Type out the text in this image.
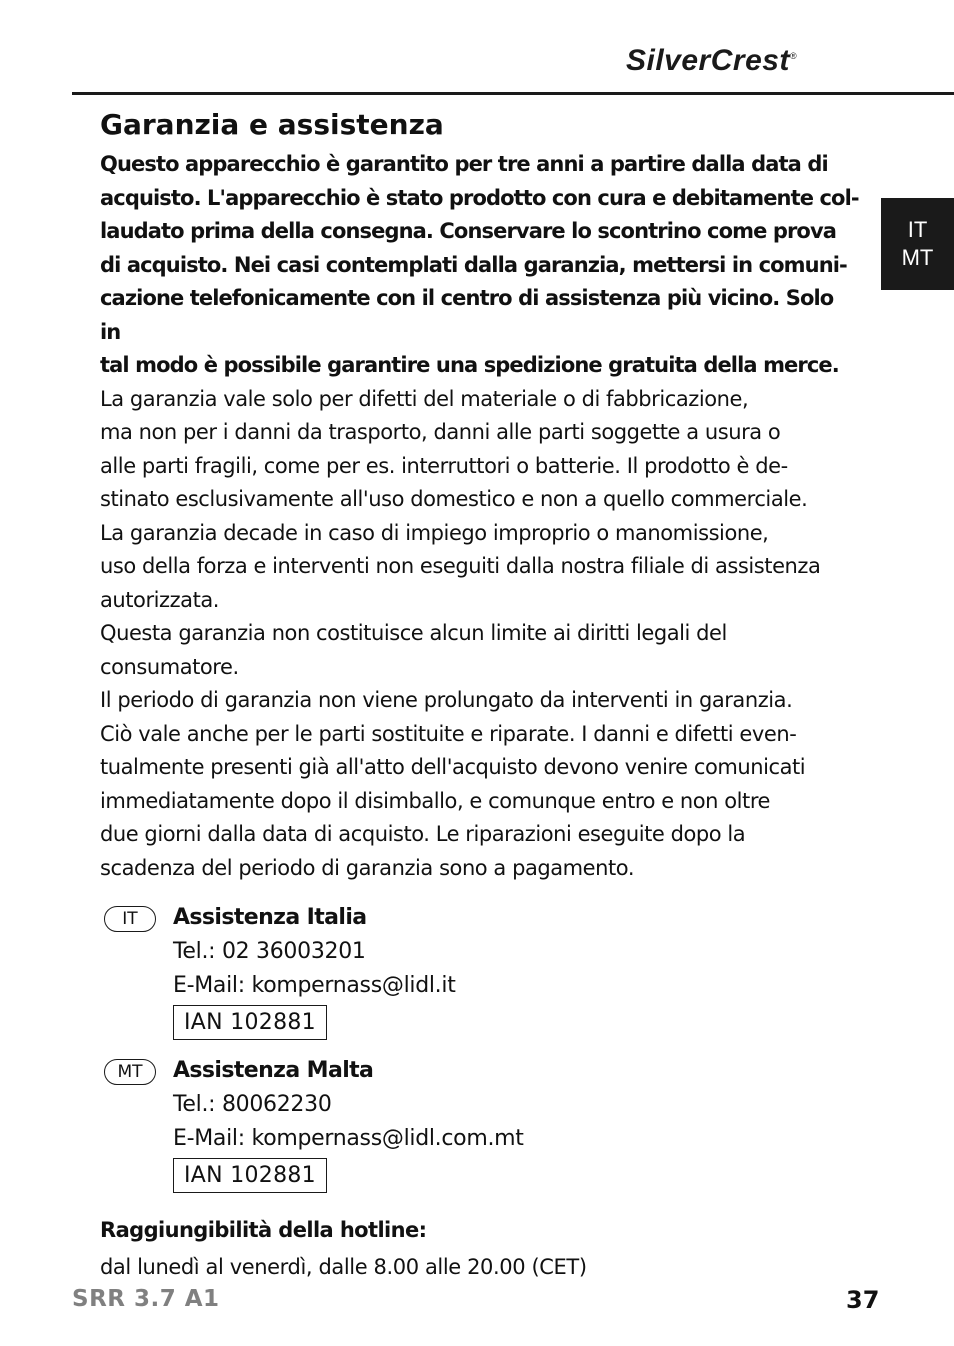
SilverCrest®
IT
MT
Garanzia e assistenza

Questo apparecchio è garantito per tre anni a partire dalla data di
acquisto. L'apparecchio è stato prodotto con cura e debitamente col-
laudato prima della consegna. Conservare lo scontrino come prova
di acquisto. Nei casi contemplati dalla garanzia, mettersi in comuni-
cazione telefonicamente con il centro di assistenza più vicino. Solo in
tal modo è possibile garantire una spedizione gratuita della merce.

La garanzia vale solo per difetti del materiale o di fabbricazione,
ma non per i danni da trasporto, danni alle parti soggette a usura o
alle parti fragili, come per es. interruttori o batterie. Il prodotto è de-
stinato esclusivamente all'uso domestico e non a quello commerciale.

La garanzia decade in caso di impiego improprio o manomissione,
uso della forza e interventi non eseguiti dalla nostra filiale di assistenza
autorizzata.

Questa garanzia non costituisce alcun limite ai diritti legali del
consumatore.

Il periodo di garanzia non viene prolungato da interventi in garanzia.
Ciò vale anche per le parti sostituite e riparate. I danni e difetti even-
tualmente presenti già all'atto dell'acquisto devono venire comunicati
immediatamente dopo il disimballo, e comunque entro e non oltre
due giorni dalla data di acquisto. Le riparazioni eseguite dopo la
scadenza del periodo di garanzia sono a pagamento.

IT	Assistenza Italia
Tel.: 02 36003201
E-Mail: kompernass@lidl.it
IAN 102881
MT	Assistenza Malta
Tel.: 80062230
E-Mail: kompernass@lidl.com.mt
IAN 102881
Raggiungibilità della hotline:
dal lunedì al venerdì, dalle 8.00 alle 20.00 (CET)
SRR 3.7 A1	37
